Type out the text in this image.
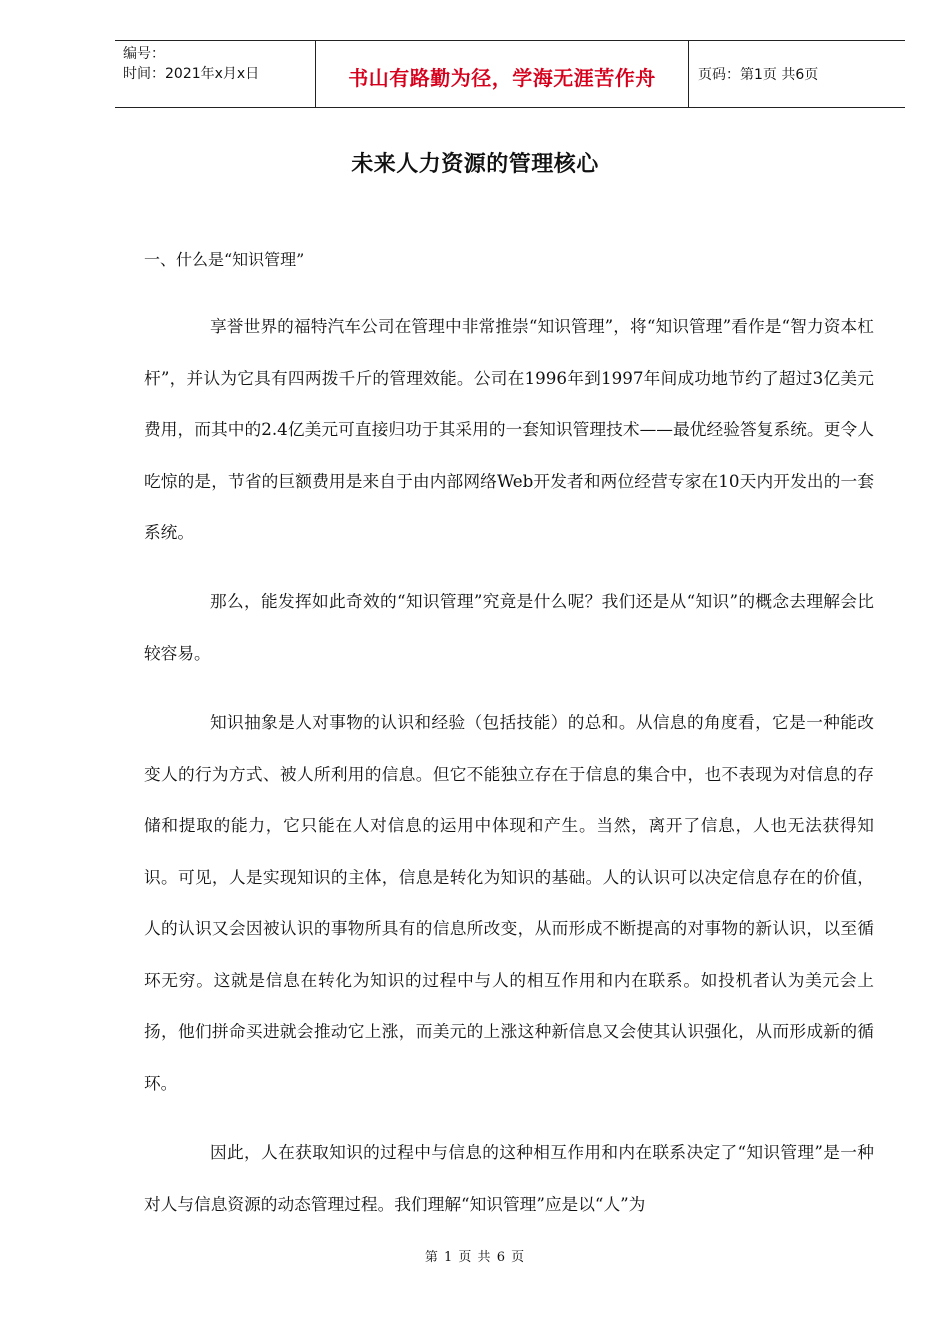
编号：
时间：2021年x月x日	书山有路勤为径，学海无涯苦作舟	页码：第1页 共6页
未来人力资源的管理核心
一、什么是“知识管理”

享誉世界的福特汽车公司在管理中非常推崇“知识管理”，将“知识管理”看作是“智力资本杠杆”，并认为它具有四两拨千斤的管理效能。公司在1996年到1997年间成功地节约了超过3亿美元费用，而其中的2.4亿美元可直接归功于其采用的一套知识管理技术——最优经验答复系统。更令人吃惊的是，节省的巨额费用是来自于由内部网络Web开发者和两位经营专家在10天内开发出的一套系统。

那么，能发挥如此奇效的“知识管理”究竟是什么呢？我们还是从“知识”的概念去理解会比较容易。

知识抽象是人对事物的认识和经验（包括技能）的总和。从信息的角度看，它是一种能改变人的行为方式、被人所利用的信息。但它不能独立存在于信息的集合中，也不表现为对信息的存储和提取的能力，它只能在人对信息的运用中体现和产生。当然，离开了信息，人也无法获得知识。可见，人是实现知识的主体，信息是转化为知识的基础。人的认识可以决定信息存在的价值，人的认识又会因被认识的事物所具有的信息所改变，从而形成不断提高的对事物的新认识，以至循环无穷。这就是信息在转化为知识的过程中与人的相互作用和内在联系。如投机者认为美元会上扬，他们拼命买进就会推动它上涨，而美元的上涨这种新信息又会使其认识强化，从而形成新的循环。

因此，人在获取知识的过程中与信息的这种相互作用和内在联系决定了“知识管理”是一种对人与信息资源的动态管理过程。我们理解“知识管理”应是以“人”为

第 1 页 共 6 页
